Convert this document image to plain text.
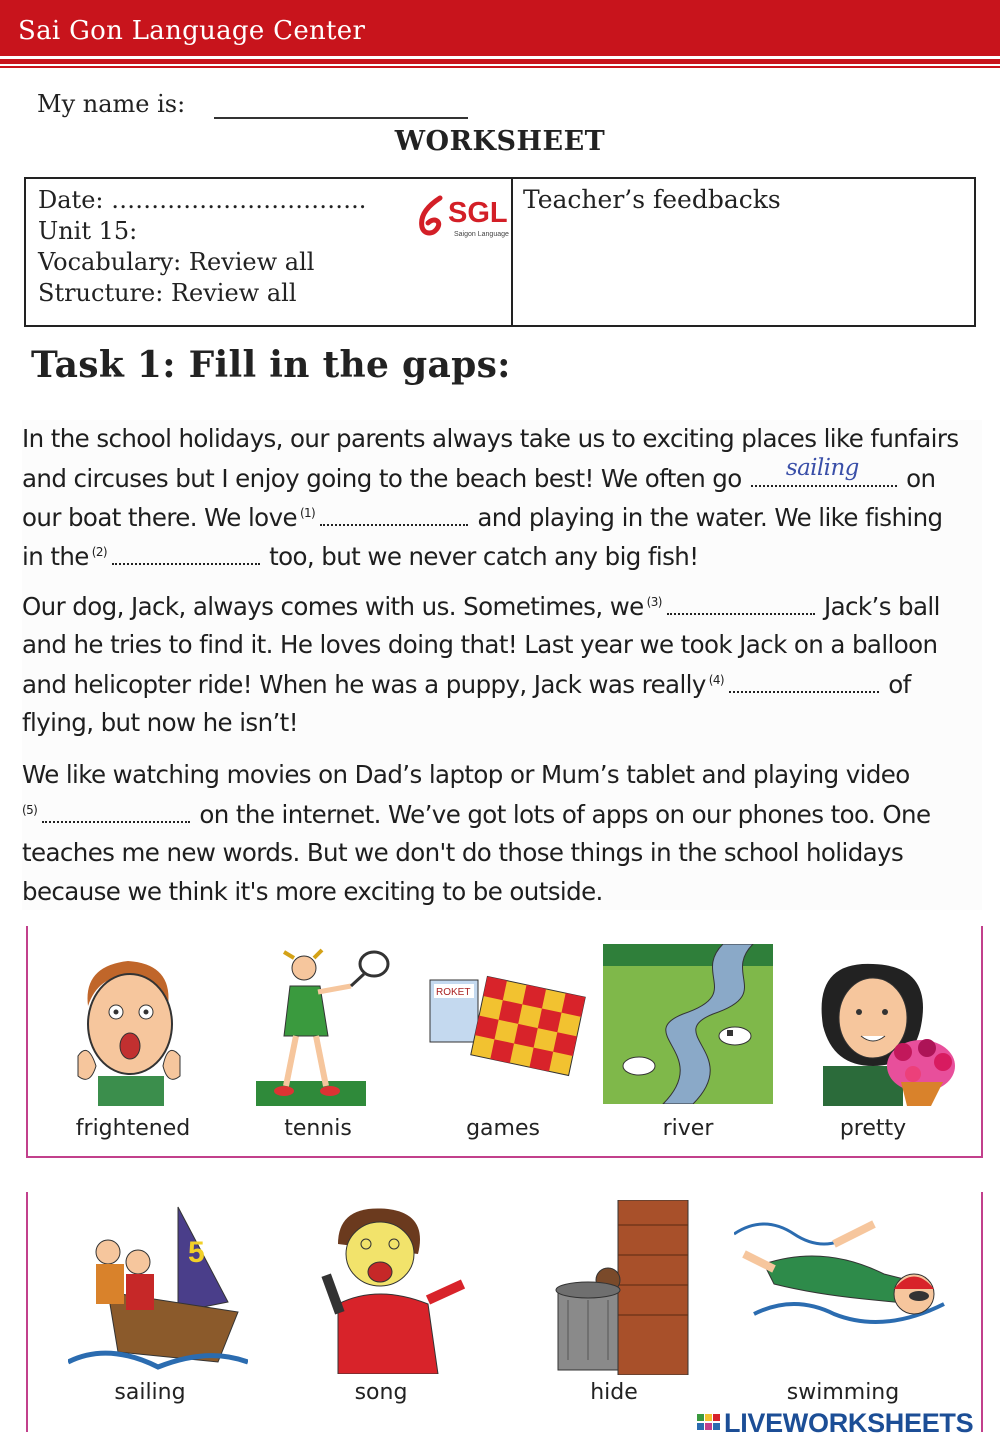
Sai Gon Language Center
My name is:
WORKSHEET
Date: …………………………..
Unit 15:
Vocabulary: Review all
Structure: Review all
SGL
Saigon Language
Teacher’s feedbacks
Task 1: Fill in the gaps:
In the school holidays, our parents always take us to exciting places like funfairs
and circuses but I enjoy going to the beach best! We often go sailing on
our boat there. We love $^{(1)}$	and playing in the water. We like fishing
in the $^{(2)}$	too, but we never catch any big fish!
Our dog, Jack, always comes with us. Sometimes, we $^{(3)}$	Jack’s ball
and he tries to find it. He loves doing that! Last year we took Jack on a balloon
and helicopter ride! When he was a puppy, Jack was really $^{(4)}$	of
flying, but now he isn’t!
We like watching movies on Dad’s laptop or Mum’s tablet and playing video
$^{(5)}$	on the internet. We’ve got lots of apps on our phones too. One
teaches me new words. But we don't do those things in the school holidays
because we think it's more exciting to be outside.
frightened	tennis
ROKET
games	river	pretty
5
sailing	song	hide	swimming
LIVEWORKSHEETS
